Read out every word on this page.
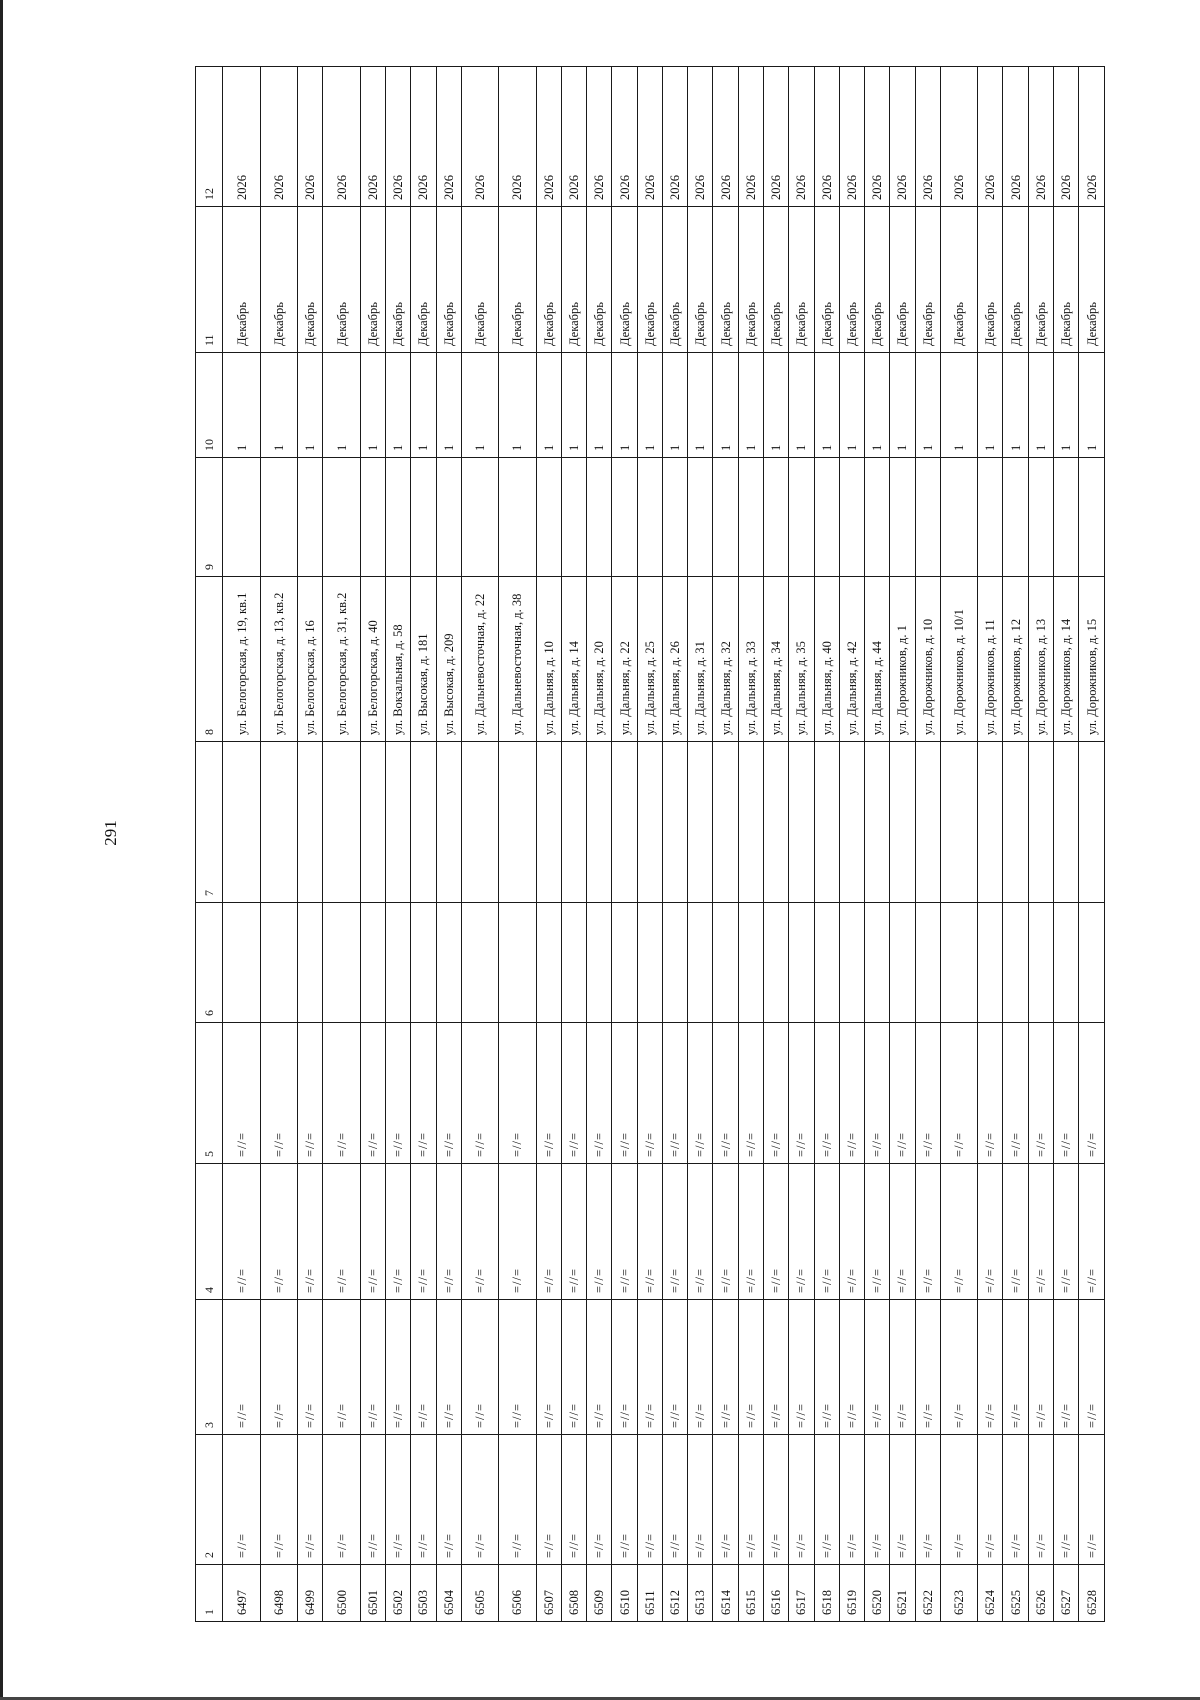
291
1	2	3	4	5	6	7	8	9	10	11	12
6497	=//=	=//=	=//=	=//=			ул. Белогорская, д. 19, кв.1		1	Декабрь	2026
6498	=//=	=//=	=//=	=//=			ул. Белогорская, д. 13, кв.2		1	Декабрь	2026
6499	=//=	=//=	=//=	=//=			ул. Белогорская, д. 16		1	Декабрь	2026
6500	=//=	=//=	=//=	=//=			ул. Белогорская, д. 31, кв.2		1	Декабрь	2026
6501	=//=	=//=	=//=	=//=			ул. Белогорская, д. 40		1	Декабрь	2026
6502	=//=	=//=	=//=	=//=			ул. Вокзальная, д. 58		1	Декабрь	2026
6503	=//=	=//=	=//=	=//=			ул. Высокая, д. 181		1	Декабрь	2026
6504	=//=	=//=	=//=	=//=			ул. Высокая, д. 209		1	Декабрь	2026
6505	=//=	=//=	=//=	=//=			ул. Дальневосточная, д. 22		1	Декабрь	2026
6506	=//=	=//=	=//=	=//=			ул. Дальневосточная, д. 38		1	Декабрь	2026
6507	=//=	=//=	=//=	=//=			ул. Дальняя, д. 10		1	Декабрь	2026
6508	=//=	=//=	=//=	=//=			ул. Дальняя, д. 14		1	Декабрь	2026
6509	=//=	=//=	=//=	=//=			ул. Дальняя, д. 20		1	Декабрь	2026
6510	=//=	=//=	=//=	=//=			ул. Дальняя, д. 22		1	Декабрь	2026
6511	=//=	=//=	=//=	=//=			ул. Дальняя, д. 25		1	Декабрь	2026
6512	=//=	=//=	=//=	=//=			ул. Дальняя, д. 26		1	Декабрь	2026
6513	=//=	=//=	=//=	=//=			ул. Дальняя, д. 31		1	Декабрь	2026
6514	=//=	=//=	=//=	=//=			ул. Дальняя, д. 32		1	Декабрь	2026
6515	=//=	=//=	=//=	=//=			ул. Дальняя, д. 33		1	Декабрь	2026
6516	=//=	=//=	=//=	=//=			ул. Дальняя, д. 34		1	Декабрь	2026
6517	=//=	=//=	=//=	=//=			ул. Дальняя, д. 35		1	Декабрь	2026
6518	=//=	=//=	=//=	=//=			ул. Дальняя, д. 40		1	Декабрь	2026
6519	=//=	=//=	=//=	=//=			ул. Дальняя, д. 42		1	Декабрь	2026
6520	=//=	=//=	=//=	=//=			ул. Дальняя, д. 44		1	Декабрь	2026
6521	=//=	=//=	=//=	=//=			ул. Дорожников, д. 1		1	Декабрь	2026
6522	=//=	=//=	=//=	=//=			ул. Дорожников, д. 10		1	Декабрь	2026
6523	=//=	=//=	=//=	=//=			ул. Дорожников, д. 10/1		1	Декабрь	2026
6524	=//=	=//=	=//=	=//=			ул. Дорожников, д. 11		1	Декабрь	2026
6525	=//=	=//=	=//=	=//=			ул. Дорожников, д. 12		1	Декабрь	2026
6526	=//=	=//=	=//=	=//=			ул. Дорожников, д. 13		1	Декабрь	2026
6527	=//=	=//=	=//=	=//=			ул. Дорожников, д. 14		1	Декабрь	2026
6528	=//=	=//=	=//=	=//=			ул. Дорожников, д. 15		1	Декабрь	2026
